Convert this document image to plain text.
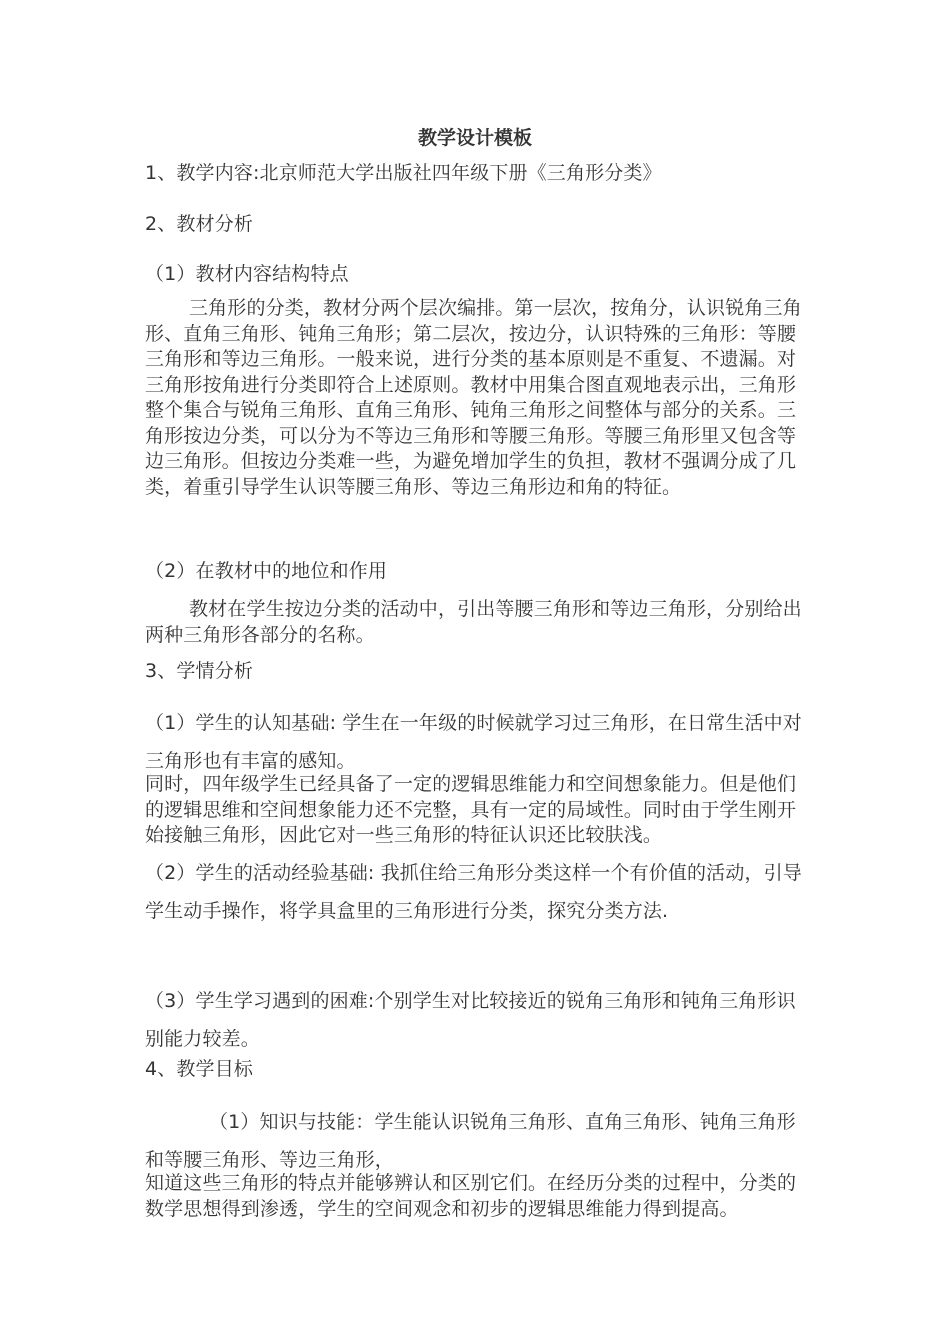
教学设计模板

1、教学内容:北京师范大学出版社四年级下册《三角形分类》

2、教材分析

（1）教材内容结构特点

三角形的分类，教材分两个层次编排。第一层次，按角分，认识锐角三角形、直角三角形、钝角三角形；第二层次，按边分，认识特殊的三角形：等腰三角形和等边三角形。一般来说，进行分类的基本原则是不重复、不遗漏。对三角形按角进行分类即符合上述原则。教材中用集合图直观地表示出，三角形整个集合与锐角三角形、直角三角形、钝角三角形之间整体与部分的关系。三角形按边分类，可以分为不等边三角形和等腰三角形。等腰三角形里又包含等边三角形。但按边分类难一些，为避免增加学生的负担，教材不强调分成了几类，着重引导学生认识等腰三角形、等边三角形边和角的特征。

（2）在教材中的地位和作用

教材在学生按边分类的活动中，引出等腰三角形和等边三角形，分别给出两种三角形各部分的名称。

3、学情分析

（1）学生的认知基础: 学生在一年级的时候就学习过三角形，在日常生活中对三角形也有丰富的感知。

同时，四年级学生已经具备了一定的逻辑思维能力和空间想象能力。但是他们的逻辑思维和空间想象能力还不完整，具有一定的局域性。同时由于学生刚开始接触三角形，因此它对一些三角形的特征认识还比较肤浅。

（2）学生的活动经验基础: 我抓住给三角形分类这样一个有价值的活动，引导学生动手操作，将学具盒里的三角形进行分类，探究分类方法.

（3）学生学习遇到的困难:个别学生对比较接近的锐角三角形和钝角三角形识别能力较差。

4、教学目标

（1）知识与技能：学生能认识锐角三角形、直角三角形、钝角三角形和等腰三角形、等边三角形，

知道这些三角形的特点并能够辨认和区别它们。在经历分类的过程中，分类的数学思想得到渗透，学生的空间观念和初步的逻辑思维能力得到提高。
